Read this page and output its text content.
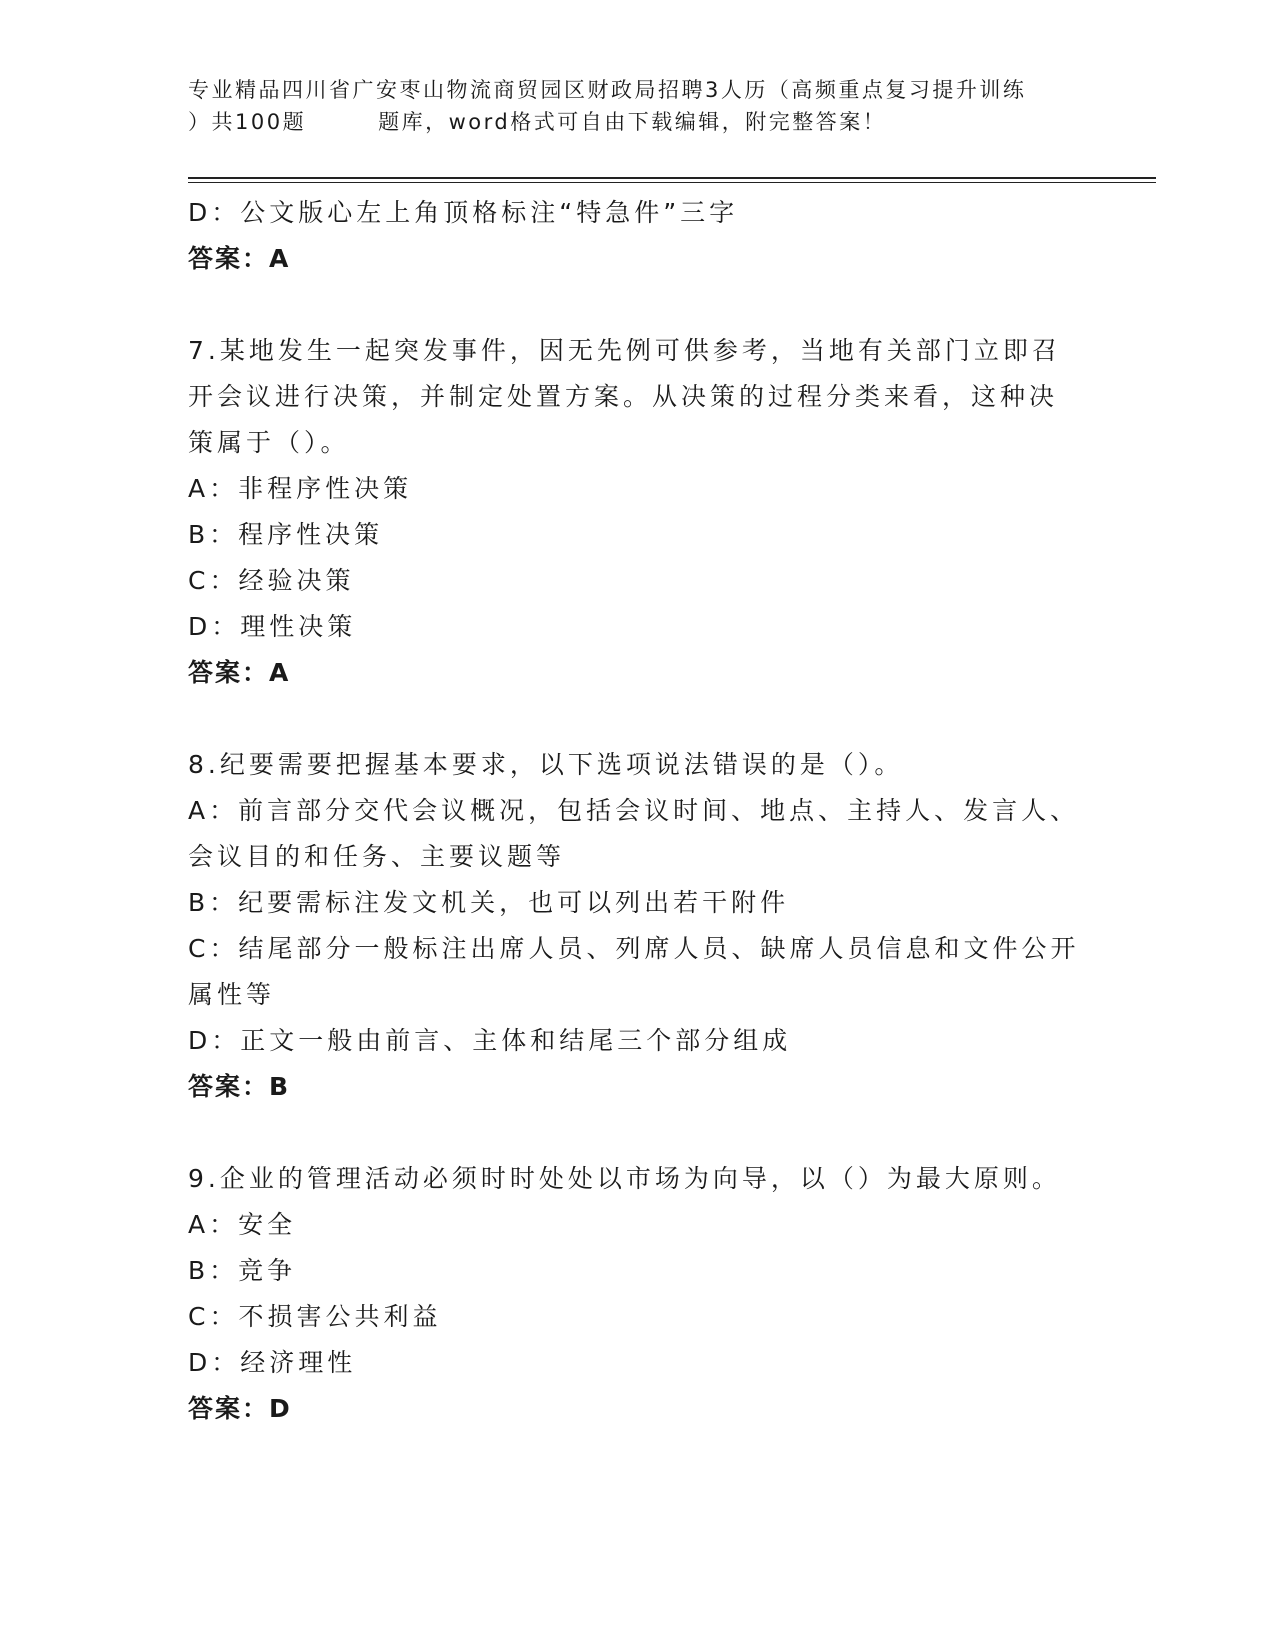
专业精品四川省广安枣山物流商贸园区财政局招聘3人历（高频重点复习提升训练
）共100题	题库，word格式可自由下载编辑，附完整答案！
D：公文版心左上角顶格标注“特急件”三字
答案：A
7.某地发生一起突发事件，因无先例可供参考，当地有关部门立即召
开会议进行决策，并制定处置方案。从决策的过程分类来看，这种决
策属于（）。
A：非程序性决策
B：程序性决策
C：经验决策
D：理性决策
答案：A
8.纪要需要把握基本要求，以下选项说法错误的是（）。
A：前言部分交代会议概况，包括会议时间、地点、主持人、发言人、
会议目的和任务、主要议题等
B：纪要需标注发文机关，也可以列出若干附件
C：结尾部分一般标注出席人员、列席人员、缺席人员信息和文件公开
属性等
D：正文一般由前言、主体和结尾三个部分组成
答案：B
9.企业的管理活动必须时时处处以市场为向导，以（）为最大原则。
A：安全
B：竞争
C：不损害公共利益
D：经济理性
答案：D
